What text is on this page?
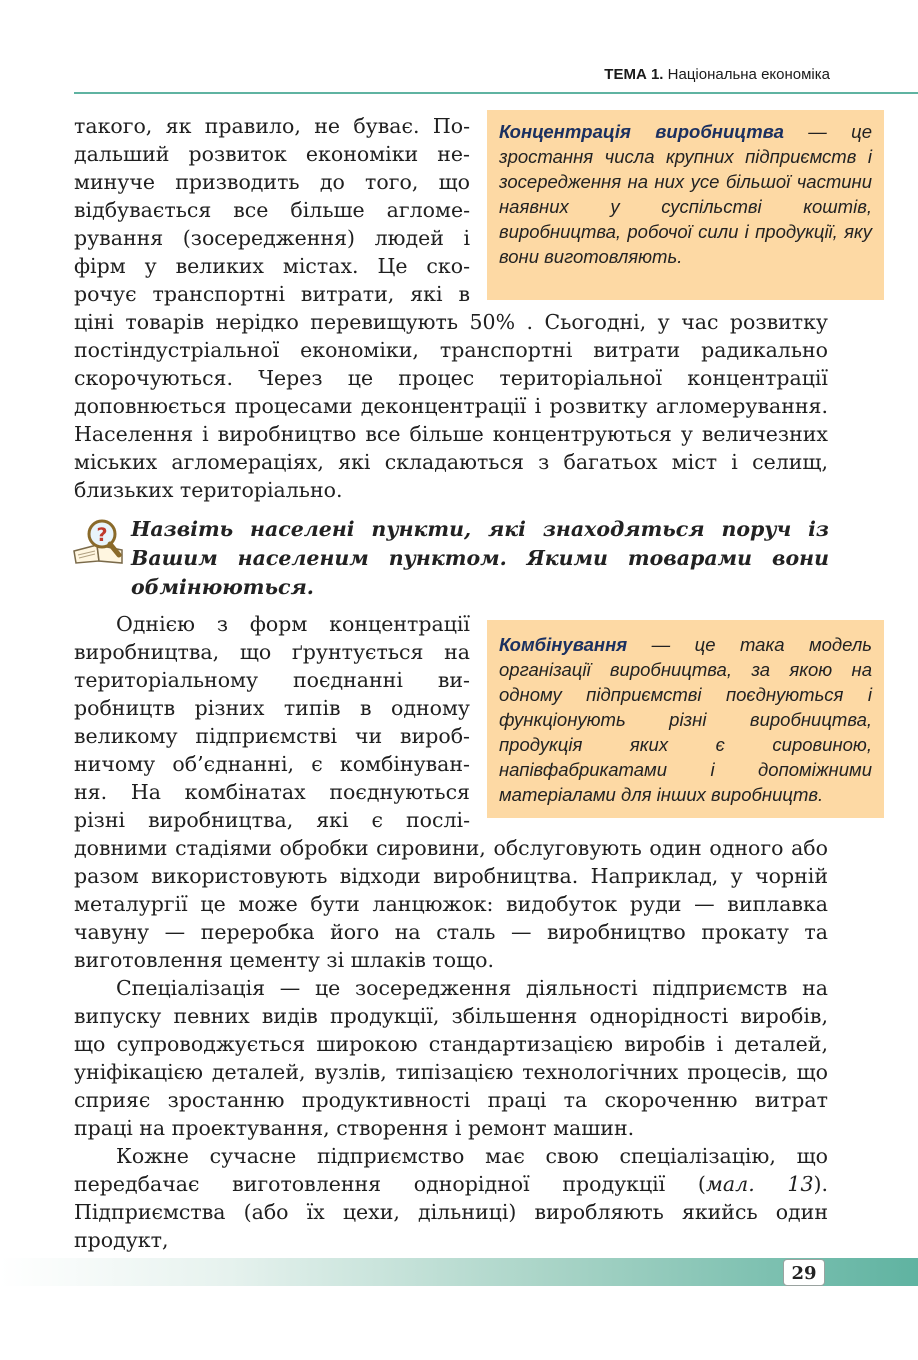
ТЕМА 1. Національна економіка
такого, як правило, не буває. По-
дальший розвиток економіки не-
минуче призводить до того, що
відбувається все більше агломе-
рування (зосередження) людей і
фірм у великих містах. Це ско-
рочує транспортні витрати, які в
ціні товарів нерідко перевищують 50% . Сьогодні, у час розвитку постіндустріальної економіки, транспортні витрати радикально скорочуються. Через це процес територіальної концентрації доповнюється процесами деконцентрації і розвитку агломерування. Населення і виробництво все більше концентруються у величезних міських агломераціях, які складаються з багатьох міст і селищ, близьких територіально.
Концентрація виробництва — це зростання числа крупних підприємств і зосередження на них усе більшої частини наявних у суспільстві коштів, виробництва, робочої сили і продукції, яку вони виготовляють.
? Назвіть населені пункти, які знаходяться поруч із Вашим населеним пунктом. Якими товарами вони обмінюються.
Однією з форм концентрації
виробництва, що ґрунтується на
територіальному поєднанні ви-
робництв різних типів в одному
великому підприємстві чи вироб-
ничому об’єднанні, є комбінуван-
ня. На комбінатах поєднуються
різні виробництва, які є послі-
довними стадіями обробки сировини, обслуговують один одного або разом використовують відходи виробництва. Наприклад, у чорній металургії це може бути ланцюжок: видобуток руди — виплавка чавуну — переробка його на сталь — виробництво прокату та виготовлення цементу зі шлаків тощо.
Комбінування — це така модель організації виробництва, за якою на одному підприємстві поєднуються і функціонують різні виробництва, продукція яких є сировиною, напівфабрикатами і допоміжними матеріалами для інших виробництв.
Спеціалізація — це зосередження діяльності підприємств на випуску певних видів продукції, збільшення однорідності виробів, що супроводжується широкою стандартизацією виробів і деталей, уніфікацією деталей, вузлів, типізацією технологічних процесів, що сприяє зростанню продуктивності праці та скороченню витрат праці на проектування, створення і ремонт машин.
Кожне сучасне підприємство має свою спеціалізацію, що передбачає виготовлення однорідної продукції (мал. 13). Підприємства (або їх цехи, дільниці) виробляють якийсь один продукт,
29
